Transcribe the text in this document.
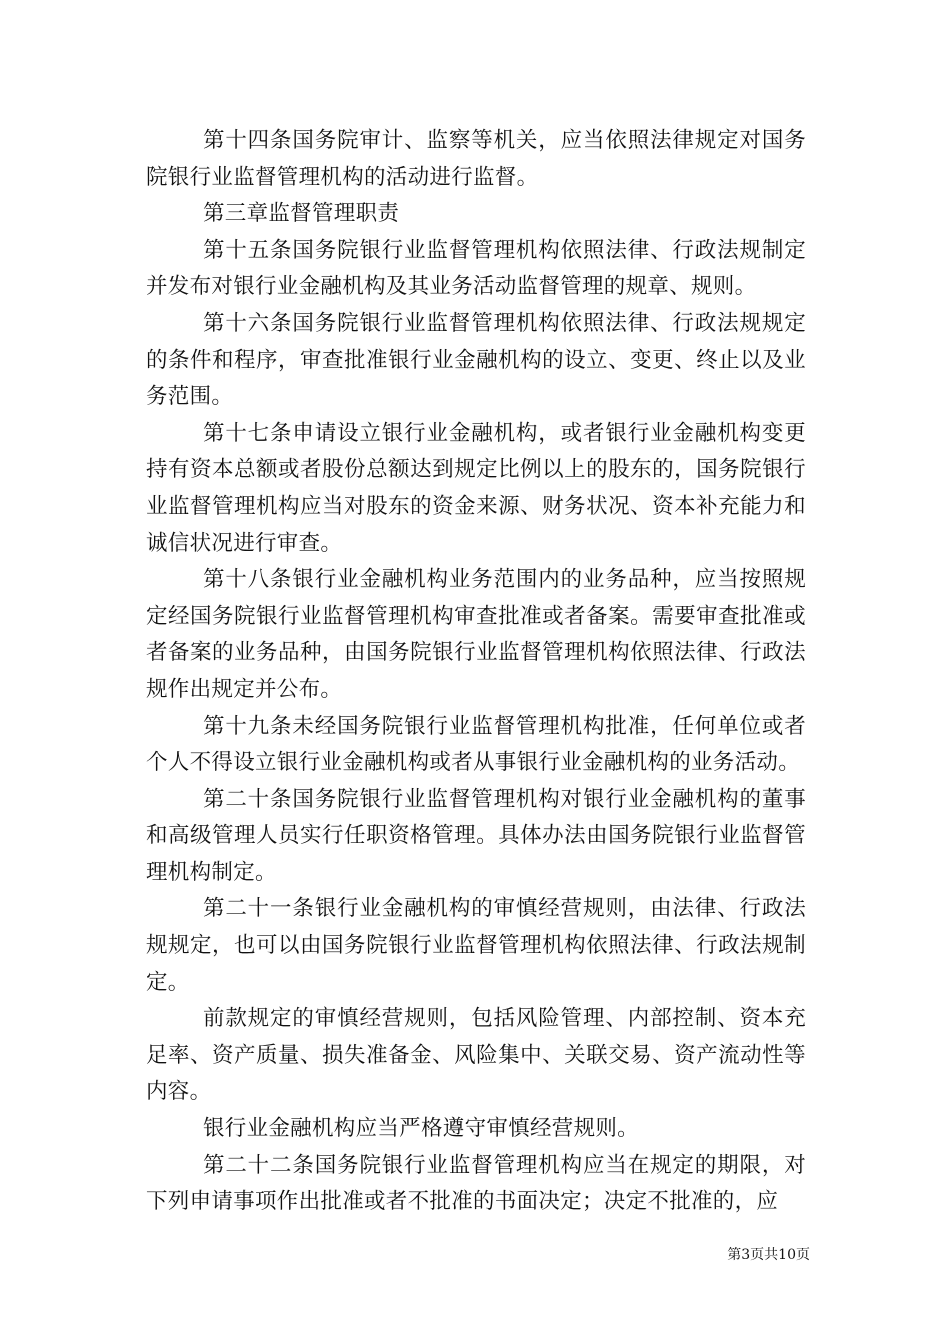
第十四条国务院审计、监察等机关，应当依照法律规定对国务院银行业监督管理机构的活动进行监督。

第三章监督管理职责

第十五条国务院银行业监督管理机构依照法律、行政法规制定并发布对银行业金融机构及其业务活动监督管理的规章、规则。

第十六条国务院银行业监督管理机构依照法律、行政法规规定的条件和程序，审查批准银行业金融机构的设立、变更、终止以及业务范围。

第十七条申请设立银行业金融机构，或者银行业金融机构变更持有资本总额或者股份总额达到规定比例以上的股东的，国务院银行业监督管理机构应当对股东的资金来源、财务状况、资本补充能力和诚信状况进行审查。

第十八条银行业金融机构业务范围内的业务品种，应当按照规定经国务院银行业监督管理机构审查批准或者备案。需要审查批准或者备案的业务品种，由国务院银行业监督管理机构依照法律、行政法规作出规定并公布。

第十九条未经国务院银行业监督管理机构批准，任何单位或者个人不得设立银行业金融机构或者从事银行业金融机构的业务活动。

第二十条国务院银行业监督管理机构对银行业金融机构的董事和高级管理人员实行任职资格管理。具体办法由国务院银行业监督管理机构制定。

第二十一条银行业金融机构的审慎经营规则，由法律、行政法规规定，也可以由国务院银行业监督管理机构依照法律、行政法规制定。

前款规定的审慎经营规则，包括风险管理、内部控制、资本充足率、资产质量、损失准备金、风险集中、关联交易、资产流动性等内容。

银行业金融机构应当严格遵守审慎经营规则。

第二十二条国务院银行业监督管理机构应当在规定的期限，对下列申请事项作出批准或者不批准的书面决定；决定不批准的，应

第3页共10页
